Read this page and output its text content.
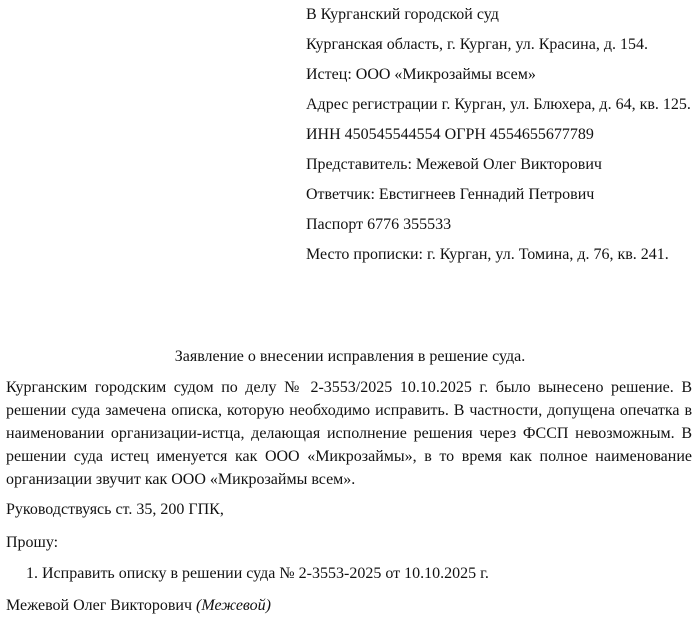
В Курганский городской суд

Курганская область, г. Курган, ул. Красина, д. 154.

Истец: ООО «Микрозаймы всем»

Адрес регистрации г. Курган, ул. Блюхера, д. 64, кв. 125.

ИНН 450545544554 ОГРН 4554655677789

Представитель: Межевой Олег Викторович

Ответчик: Евстигнеев Геннадий Петрович

Паспорт 6776 355533

Место прописки: г. Курган, ул. Томина, д. 76, кв. 241.

Заявление о внесении исправления в решение суда.

Курганским городским судом по делу № 2-3553/2025 10.10.2025 г. было вынесено решение. В решении суда замечена описка, которую необходимо исправить. В частности, допущена опечатка в наименовании организации-истца, делающая исполнение решения через ФССП невозможным. В решении суда истец именуется как ООО «Микрозаймы», в то время как полное наименование организации звучит как ООО «Микрозаймы всем».

Руководствуясь ст. 35, 200 ГПК,

Прошу:

1. Исправить описку в решении суда № 2-3553-2025 от 10.10.2025 г.

Межевой Олег Викторович (Межевой)
